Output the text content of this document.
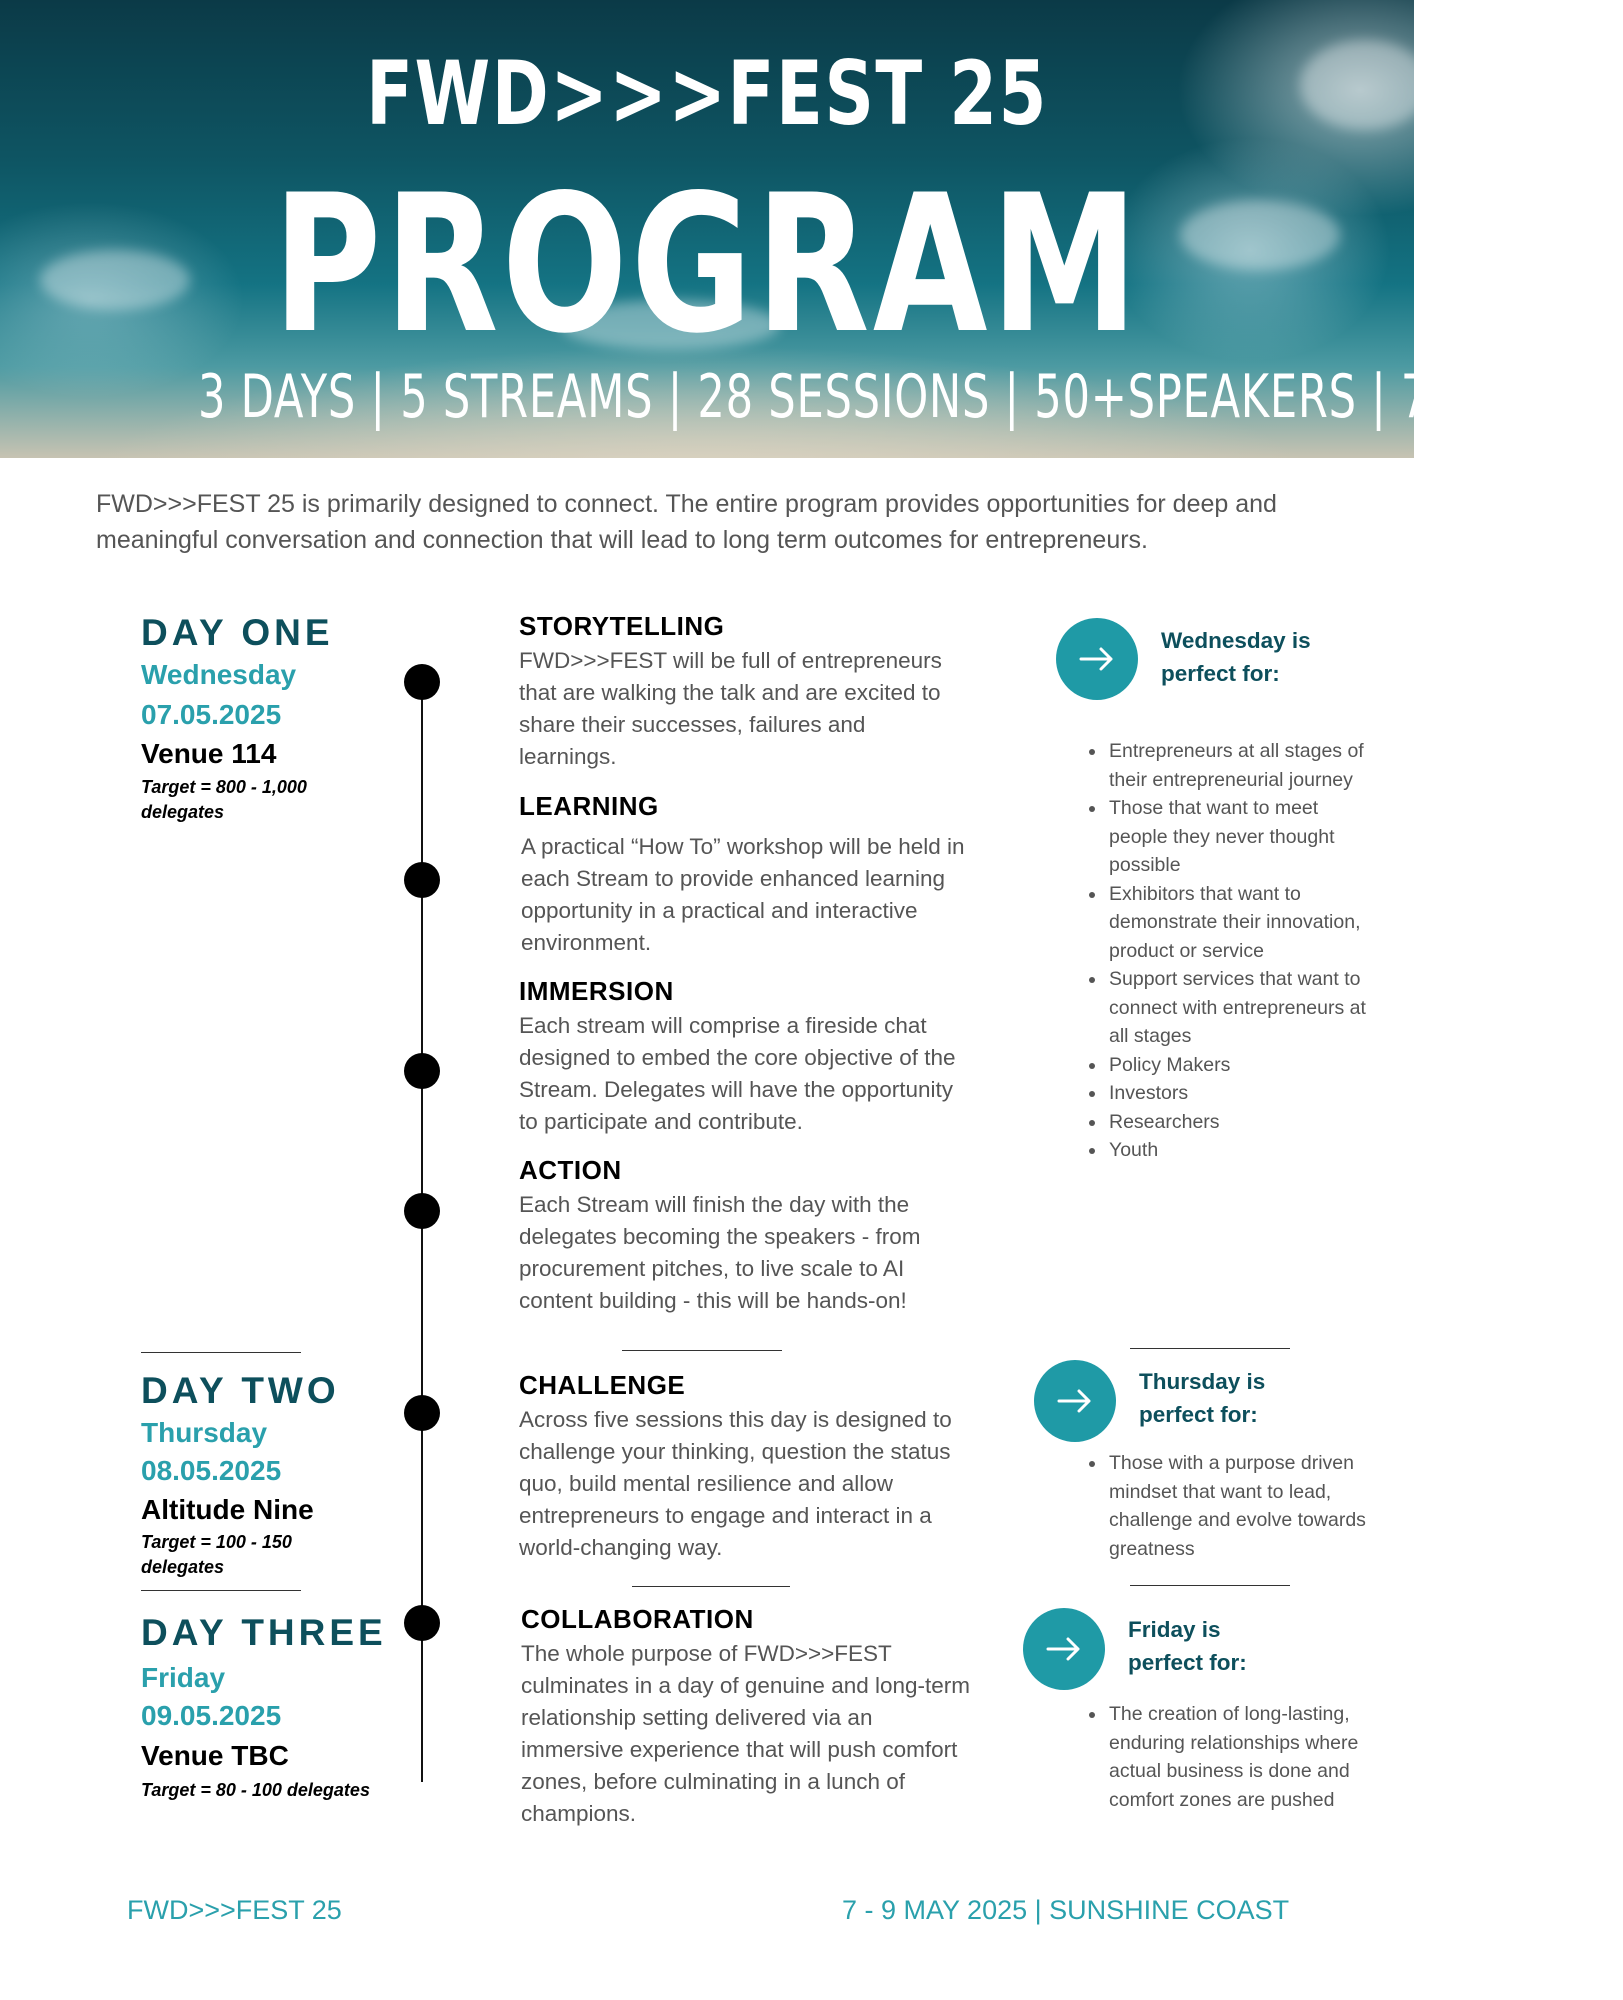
FWD>>>FEST 25
PROGRAM
3 DAYS | 5 STREAMS | 28 SESSIONS | 50+SPEAKERS | 7 VENUES
FWD>>>FEST 25 is primarily designed to connect. The entire program provides opportunities for deep and meaningful conversation and connection that will lead to long term outcomes for entrepreneurs.
DAY ONE
Wednesday
07.05.2025
Venue 114
Target = 800 - 1,000 delegates
DAY TWO
Thursday
08.05.2025
Altitude Nine
Target = 100 - 150 delegates
DAY THREE
Friday
09.05.2025
Venue TBC
Target = 80 - 100 delegates
STORYTELLING
FWD>>>FEST will be full of entrepreneurs that are walking the talk and are excited to share their successes, failures and learnings.
LEARNING
A practical “How To” workshop will be held in each Stream to provide enhanced learning opportunity in a practical and interactive environment.
IMMERSION
Each stream will comprise a fireside chat designed to embed the core objective of the Stream. Delegates will have the opportunity to participate and contribute.
ACTION
Each Stream will finish the day with the delegates becoming the speakers - from procurement pitches, to live scale to AI content building - this will be hands-on!
CHALLENGE
Across five sessions this day is designed to challenge your thinking, question the status quo, build mental resilience and allow entrepreneurs to engage and interact in a world-changing way.
COLLABORATION
The whole purpose of FWD>>>FEST culminates in a day of genuine and long-term relationship setting delivered via an immersive experience that will push comfort zones, before culminating in a lunch of champions.
Wednesday is
perfect for:
• Entrepreneurs at all stages of their entrepreneurial journey
• Those that want to meet people they never thought possible
• Exhibitors that want to demonstrate their innovation, product or service
• Support services that want to connect with entrepreneurs at all stages
• Policy Makers
• Investors
• Researchers
• Youth
Thursday is
perfect for:
• Those with a purpose driven mindset that want to lead, challenge and evolve towards greatness
Friday is
perfect for:
• The creation of long-lasting, enduring relationships where actual business is done and comfort zones are pushed
FWD>>>FEST 25	7 - 9 MAY 2025 | SUNSHINE COAST
